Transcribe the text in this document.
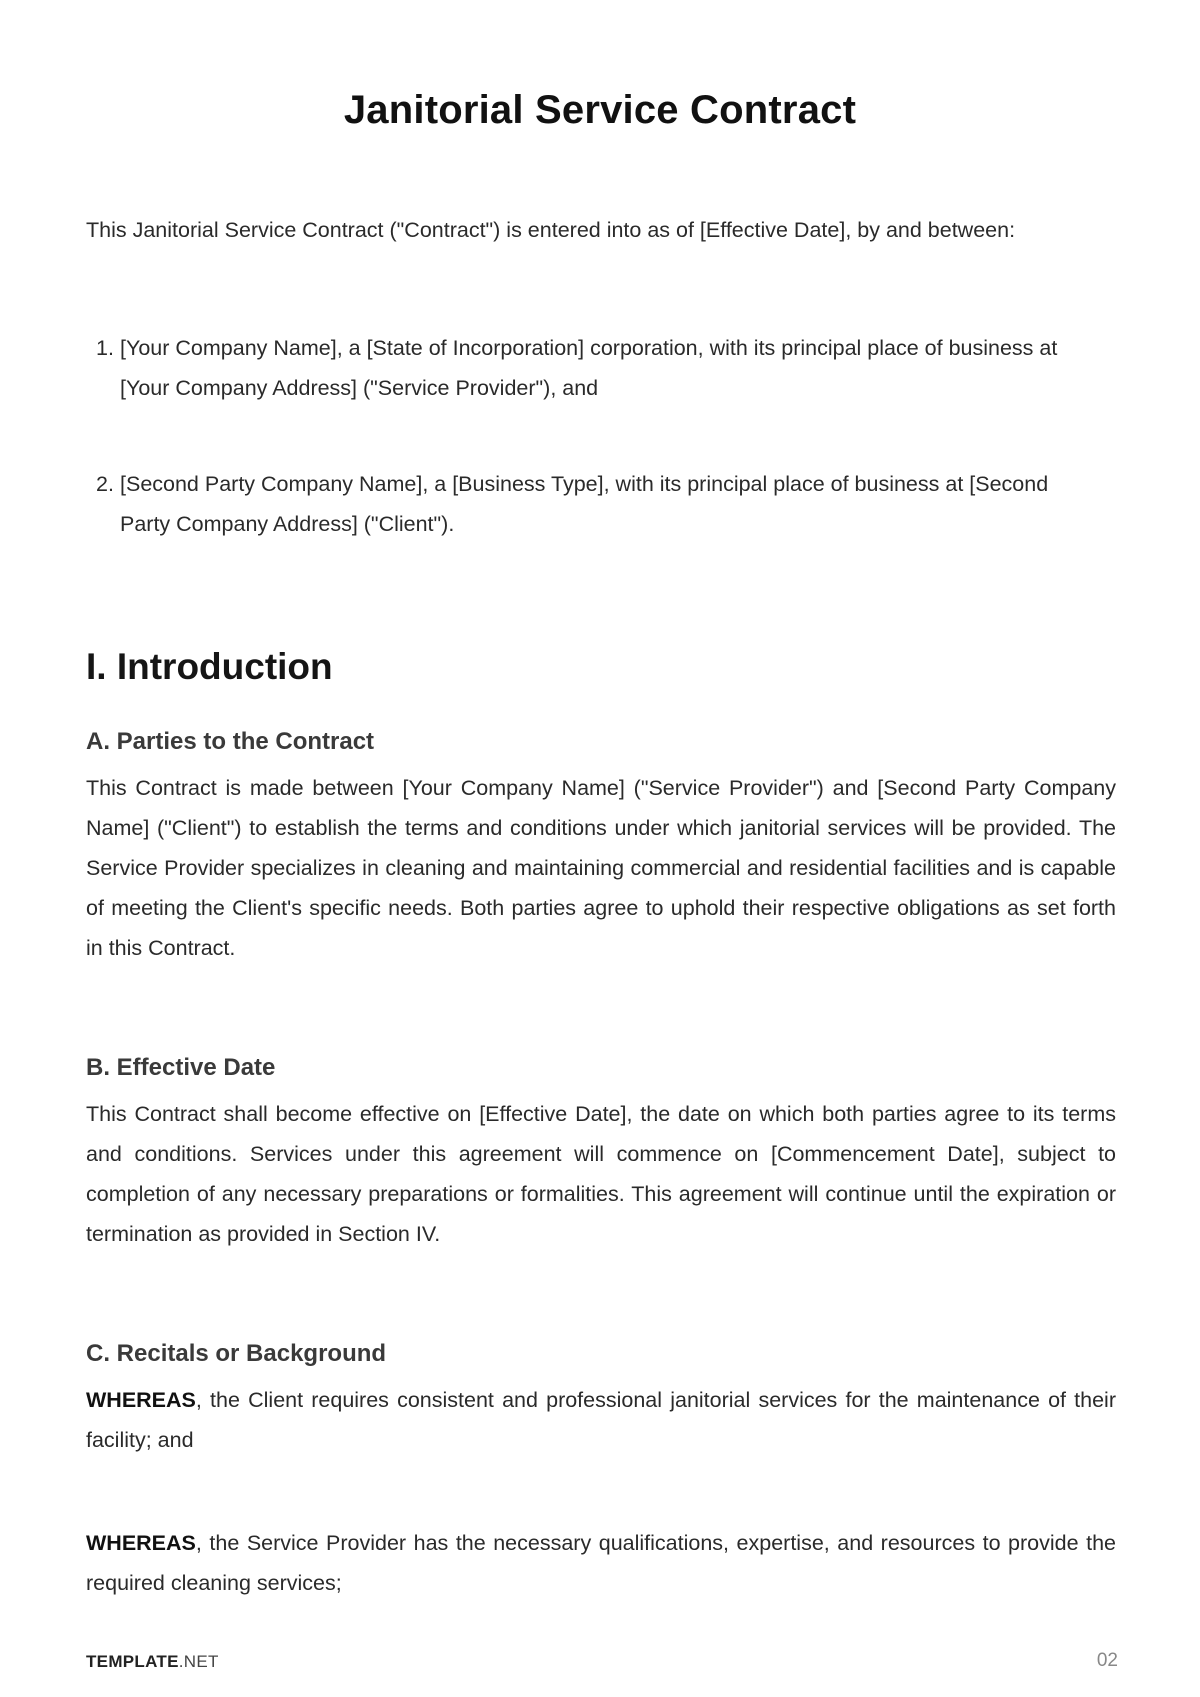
Janitorial Service Contract

This Janitorial Service Contract ("Contract") is entered into as of [Effective Date], by and between:

1. [Your Company Name], a [State of Incorporation] corporation, with its principal place of business at [Your Company Address] ("Service Provider"), and
2. [Second Party Company Name], a [Business Type], with its principal place of business at [Second Party Company Address] ("Client").
I. Introduction
A. Parties to the Contract

This Contract is made between [Your Company Name] ("Service Provider") and [Second Party Company Name] ("Client") to establish the terms and conditions under which janitorial services will be provided. The Service Provider specializes in cleaning and maintaining commercial and residential facilities and is capable of meeting the Client's specific needs. Both parties agree to uphold their respective obligations as set forth in this Contract.

B. Effective Date

This Contract shall become effective on [Effective Date], the date on which both parties agree to its terms and conditions. Services under this agreement will commence on [Commencement Date], subject to completion of any necessary preparations or formalities. This agreement will continue until the expiration or termination as provided in Section IV.

C. Recitals or Background

WHEREAS, the Client requires consistent and professional janitorial services for the maintenance of their facility; and

WHEREAS, the Service Provider has the necessary qualifications, expertise, and resources to provide the required cleaning services;

TEMPLATE.NET	02
